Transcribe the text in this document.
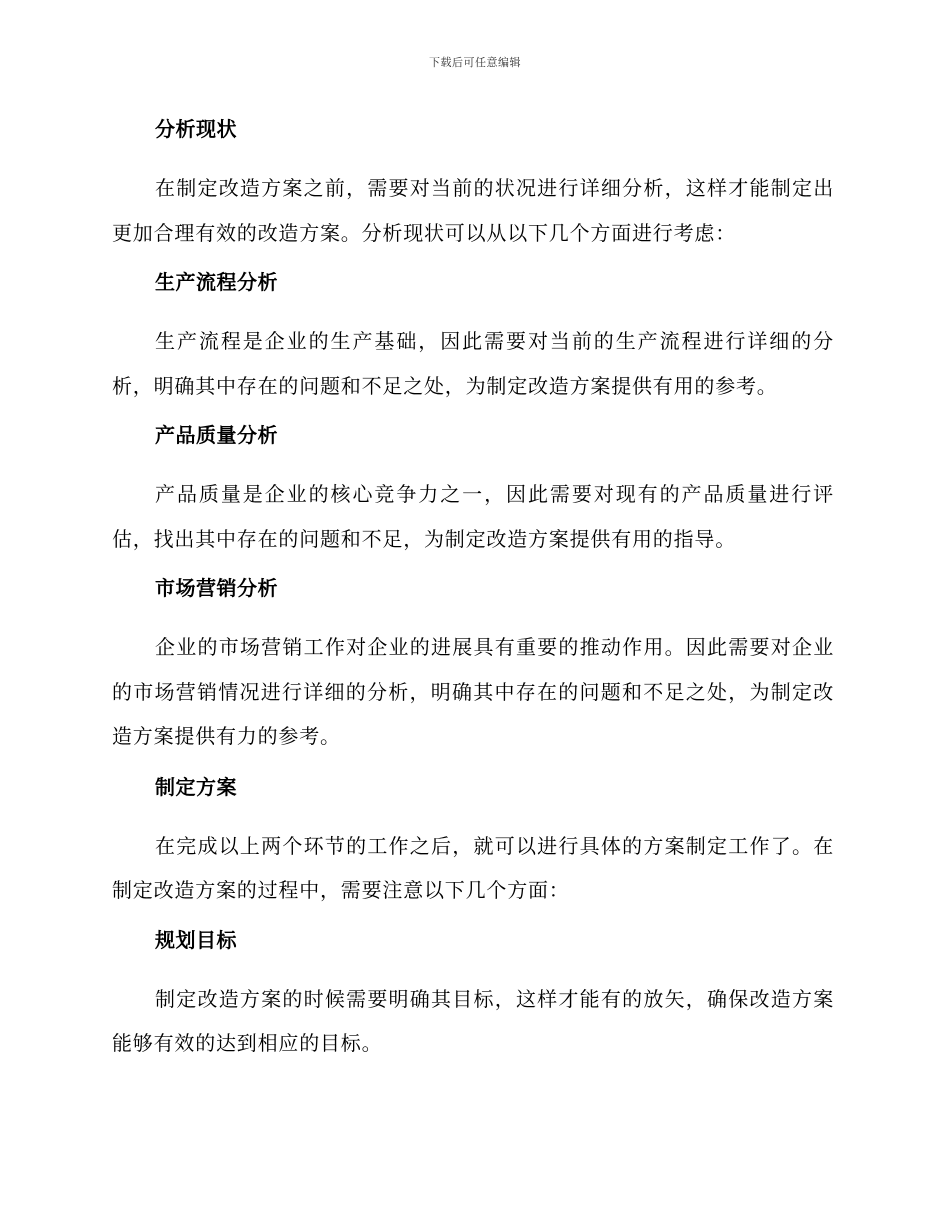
下载后可任意编辑
分析现状

在制定改造方案之前，需要对当前的状况进行详细分析，这样才能制定出更加合理有效的改造方案。分析现状可以从以下几个方面进行考虑：

生产流程分析

生产流程是企业的生产基础，因此需要对当前的生产流程进行详细的分析，明确其中存在的问题和不足之处，为制定改造方案提供有用的参考。

产品质量分析

产品质量是企业的核心竞争力之一，因此需要对现有的产品质量进行评估，找出其中存在的问题和不足，为制定改造方案提供有用的指导。

市场营销分析

企业的市场营销工作对企业的进展具有重要的推动作用。因此需要对企业的市场营销情况进行详细的分析，明确其中存在的问题和不足之处，为制定改造方案提供有力的参考。

制定方案

在完成以上两个环节的工作之后，就可以进行具体的方案制定工作了。在制定改造方案的过程中，需要注意以下几个方面：

规划目标

制定改造方案的时候需要明确其目标，这样才能有的放矢，确保改造方案能够有效的达到相应的目标。
